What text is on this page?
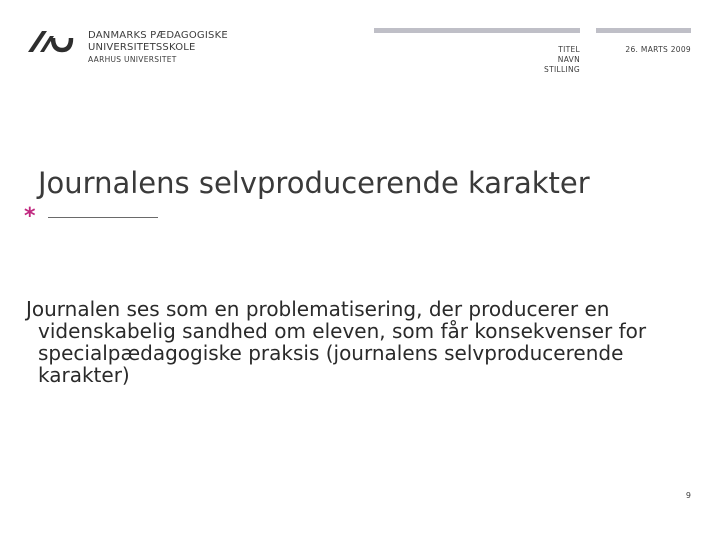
DANMARKS PÆDAGOGISKE
UNIVERSITETSSKOLE
AARHUS UNIVERSITET
TITEL
NAVN
STILLING
26. MARTS 2009
Journalens selvproducerende karakter
*
Journalen ses som en problematisering, der producerer en
videnskabelig sandhed om eleven, som får konsekvenser for
specialpædagogiske praksis (journalens selvproducerende
karakter)
9
